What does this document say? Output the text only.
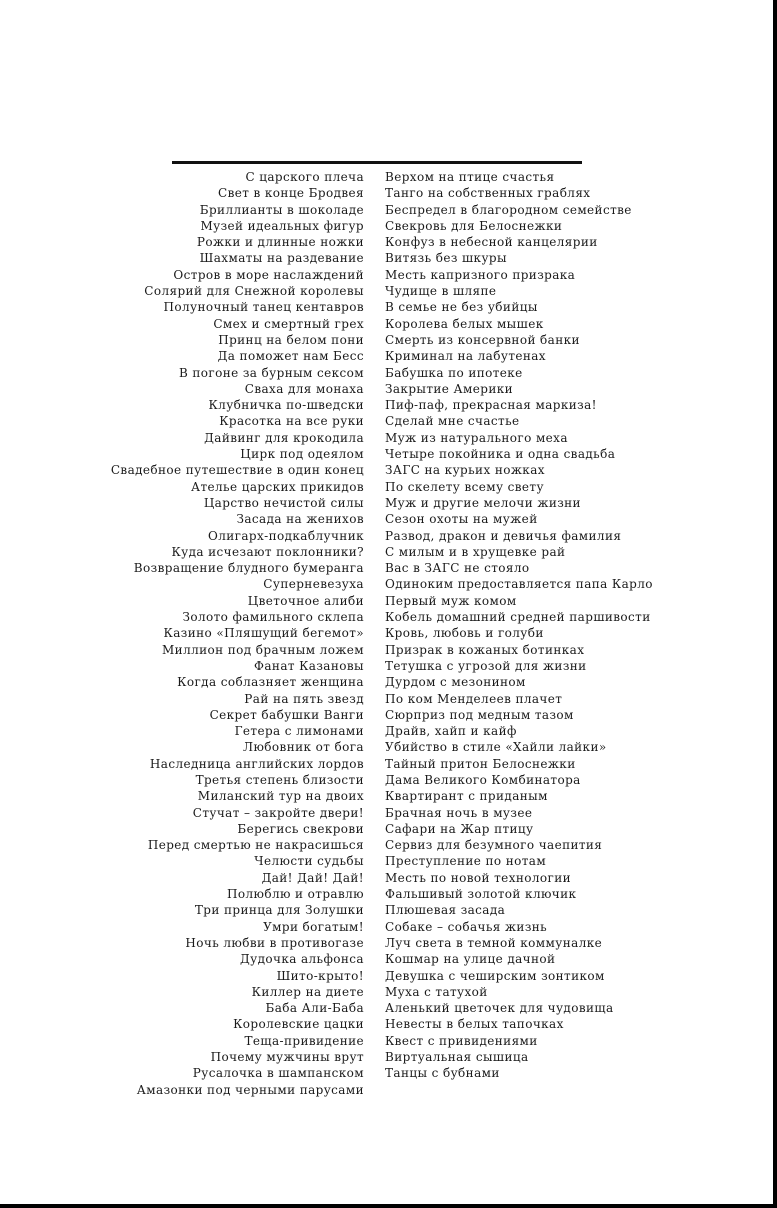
С царского плеча
Свет в конце Бродвея
Бриллианты в шоколаде
Музей идеальных фигур
Рожки и длинные ножки
Шахматы на раздевание
Остров в море наслаждений
Солярий для Снежной королевы
Полуночный танец кентавров
Смех и смертный грех
Принц на белом пони
Да поможет нам Бесс
В погоне за бурным сексом
Сваха для монаха
Клубничка по-шведски
Красотка на все руки
Дайвинг для крокодила
Цирк под одеялом
Свадебное путешествие в один конец
Ателье царских прикидов
Царство нечистой силы
Засада на женихов
Олигарх-подкаблучник
Куда исчезают поклонники?
Возвращение блудного бумеранга
Суперневезуха
Цветочное алиби
Золото фамильного склепа
Казино «Пляшущий бегемот»
Миллион под брачным ложем
Фанат Казановы
Когда соблазняет женщина
Рай на пять звезд
Секрет бабушки Ванги
Гетера с лимонами
Любовник от бога
Наследница английских лордов
Третья степень близости
Миланский тур на двоих
Стучат – закройте двери!
Берегись свекрови
Перед смертью не накрасишься
Челюсти судьбы
Дай! Дай! Дай!
Полюблю и отравлю
Три принца для Золушки
Умри богатым!
Ночь любви в противогазе
Дудочка альфонса
Шито-крыто!
Киллер на диете
Баба Али-Баба
Королевские цацки
Теща-привидение
Почему мужчины врут
Русалочка в шампанском
Амазонки под черными парусами
Верхом на птице счастья
Танго на собственных граблях
Беспредел в благородном семействе
Свекровь для Белоснежки
Конфуз в небесной канцелярии
Витязь без шкуры
Месть капризного призрака
Чудище в шляпе
В семье не без убийцы
Королева белых мышек
Смерть из консервной банки
Криминал на лабутенах
Бабушка по ипотеке
Закрытие Америки
Пиф-паф, прекрасная маркиза!
Сделай мне счастье
Муж из натурального меха
Четыре покойника и одна свадьба
ЗАГС на курьих ножках
По скелету всему свету
Муж и другие мелочи жизни
Сезон охоты на мужей
Развод, дракон и девичья фамилия
С милым и в хрущевке рай
Вас в ЗАГС не стояло
Одиноким предоставляется папа Карло
Первый муж комом
Кобель домашний средней паршивости
Кровь, любовь и голуби
Призрак в кожаных ботинках
Тетушка с угрозой для жизни
Дурдом с мезонином
По ком Менделеев плачет
Сюрприз под медным тазом
Драйв, хайп и кайф
Убийство в стиле «Хайли лайки»
Тайный притон Белоснежки
Дама Великого Комбинатора
Квартирант с приданым
Брачная ночь в музее
Сафари на Жар птицу
Сервиз для безумного чаепития
Преступление по нотам
Месть по новой технологии
Фальшивый золотой ключик
Плюшевая засада
Собаке – собачья жизнь
Луч света в темной коммуналке
Кошмар на улице дачной
Девушка с чеширским зонтиком
Муха с татухой
Аленький цветочек для чудовища
Невесты в белых тапочках
Квест с привидениями
Виртуальная сышица
Танцы с бубнами
